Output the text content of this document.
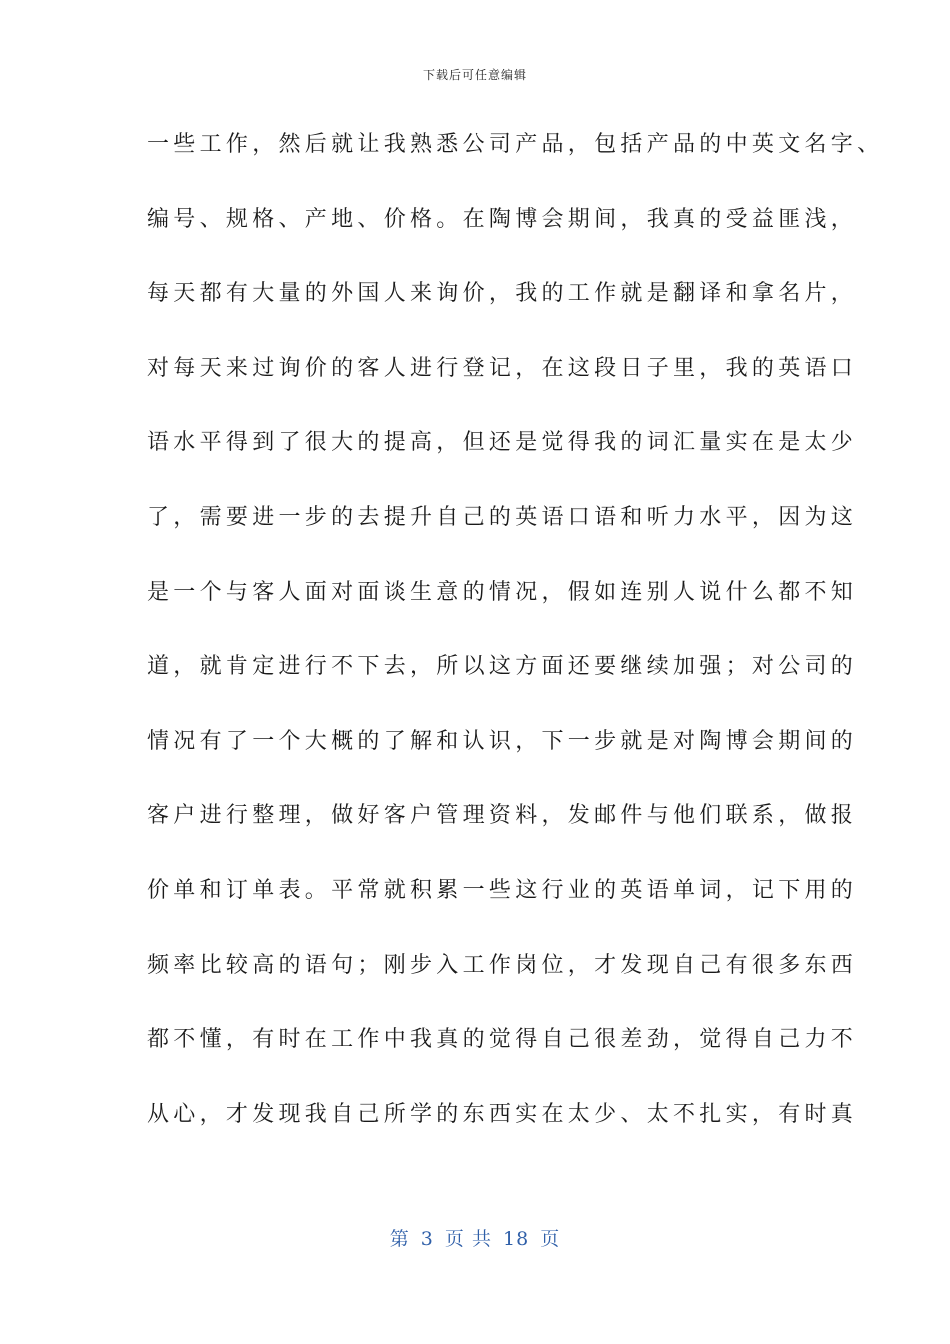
下载后可任意编辑
一些工作，然后就让我熟悉公司产品，包括产品的中英文名字、
编号、规格、产地、价格。在陶博会期间，我真的受益匪浅，
每天都有大量的外国人来询价，我的工作就是翻译和拿名片，
对每天来过询价的客人进行登记，在这段日子里，我的英语口
语水平得到了很大的提高，但还是觉得我的词汇量实在是太少
了，需要进一步的去提升自己的英语口语和听力水平，因为这
是一个与客人面对面谈生意的情况，假如连别人说什么都不知
道，就肯定进行不下去，所以这方面还要继续加强；对公司的
情况有了一个大概的了解和认识，下一步就是对陶博会期间的
客户进行整理，做好客户管理资料，发邮件与他们联系，做报
价单和订单表。平常就积累一些这行业的英语单词，记下用的
频率比较高的语句；刚步入工作岗位，才发现自己有很多东西
都不懂，有时在工作中我真的觉得自己很差劲，觉得自己力不
从心，才发现我自己所学的东西实在太少、太不扎实，有时真
第 3 页 共 18 页
